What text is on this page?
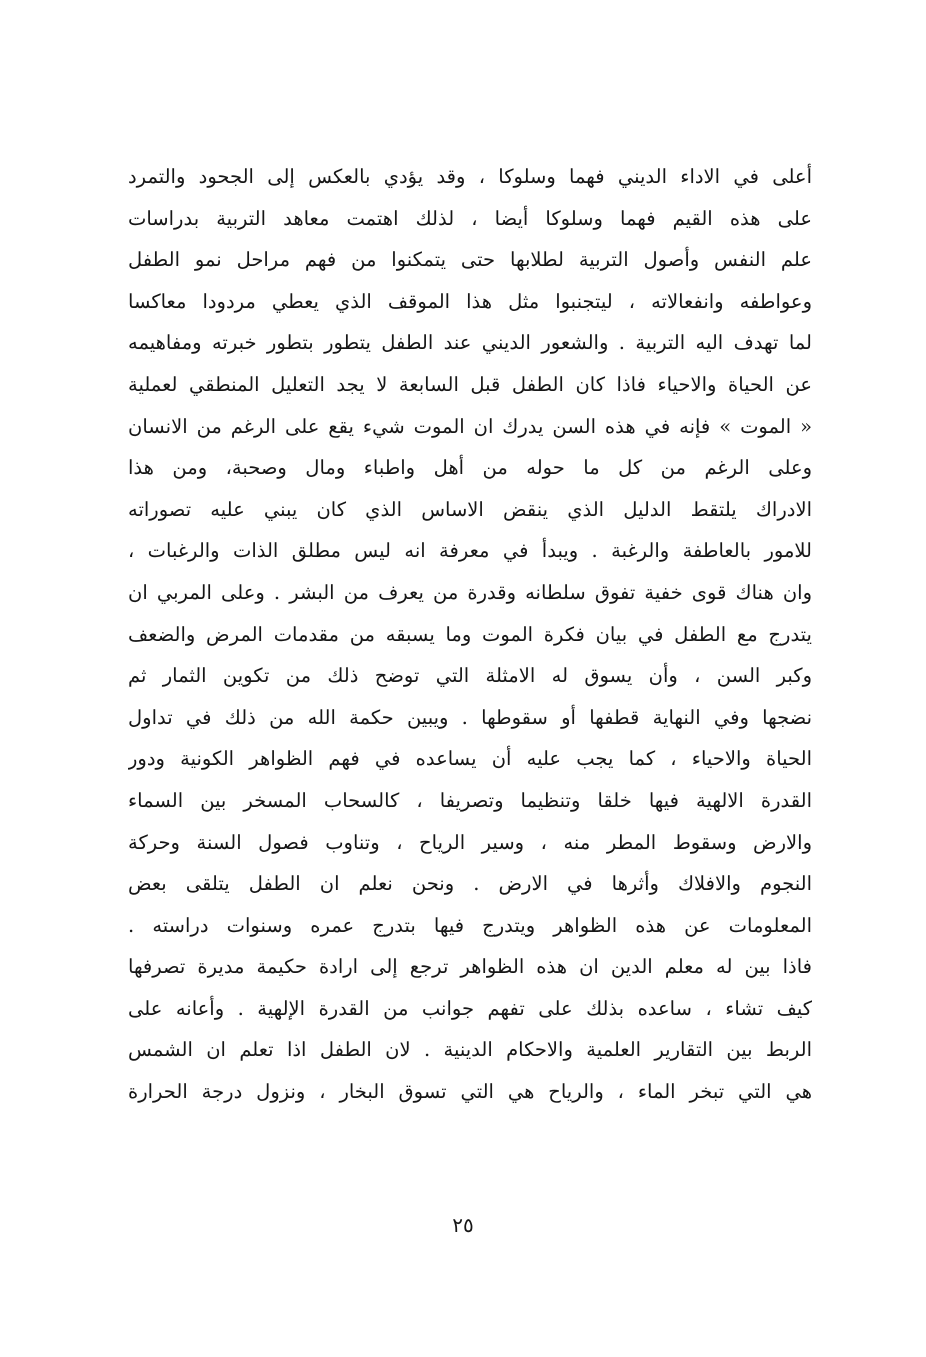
أعلى في الاداء الديني فهما وسلوكا ، وقد يؤدي بالعكس إلى الجحود والتمرد
على هذه القيم فهما وسلوكا أيضا ، لذلك اهتمت معاهد التربية بدراسات
علم النفس وأصول التربية لطلابها حتى يتمكنوا من فهم مراحل نمو الطفل
وعواطفه وانفعالاته ، ليتجنبوا مثل هذا الموقف الذي يعطي مردودا معاكسا
لما تهدف اليه التربية . والشعور الديني عند الطفل يتطور بتطور خبرته ومفاهيمه
عن الحياة والاحياء فاذا كان الطفل قبل السابعة لا يجد التعليل المنطقي لعملية
« الموت » فإنه في هذه السن يدرك ان الموت شيء يقع على الرغم من الانسان
وعلى الرغم من كل ما حوله من أهل واطباء ومال وصحبة، ومن هذا
الادراك يلتقط الدليل الذي ينقض الاساس الذي كان يبني عليه تصوراته
للامور بالعاطفة والرغبة . ويبدأ في معرفة انه ليس مطلق الذات والرغبات ،
وان هناك قوى خفية تفوق سلطانه وقدرة من يعرف من البشر . وعلى المربي ان
يتدرج مع الطفل في بيان فكرة الموت وما يسبقه من مقدمات المرض والضعف
وكبر السن ، وأن يسوق له الامثلة التي توضح ذلك من تكوين الثمار ثم
نضجها وفي النهاية قطفها أو سقوطها . ويبين حكمة الله من ذلك في تداول
الحياة والاحياء ، كما يجب عليه أن يساعده في فهم الظواهر الكونية ودور
القدرة الالهية فيها خلقا وتنظيما وتصريفا ، كالسحاب المسخر بين السماء
والارض وسقوط المطر منه ، وسير الرياح ، وتناوب فصول السنة وحركة
النجوم والافلاك وأثرها في الارض . ونحن نعلم ان الطفل يتلقى بعض
المعلومات عن هذه الظواهر ويتدرج فيها بتدرج عمره وسنوات دراسته .
فاذا بين له معلم الدين ان هذه الظواهر ترجع إلى ارادة حكيمة مديرة تصرفها
كيف تشاء ، ساعده بذلك على تفهم جوانب من القدرة الإلهية . وأعانه على
الربط بين التقارير العلمية والاحكام الدينية . لان الطفل اذا تعلم ان الشمس
هي التي تبخر الماء ، والرياح هي التي تسوق البخار ، ونزول درجة الحرارة
٢٥
